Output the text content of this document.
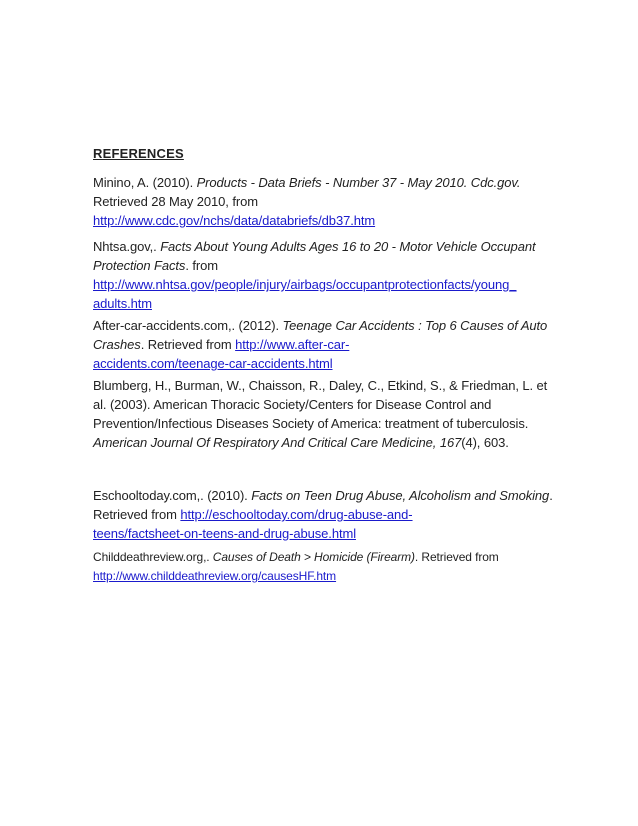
REFERENCES
Minino, A. (2010). Products - Data Briefs - Number 37 - May 2010. Cdc.gov. Retrieved 28 May 2010, from
http://www.cdc.gov/nchs/data/databriefs/db37.htm
Nhtsa.gov,. Facts About Young Adults Ages 16 to 20 - Motor Vehicle Occupant Protection Facts. from
http://www.nhtsa.gov/people/injury/airbags/occupantprotectionfacts/young_
adults.htm
After-car-accidents.com,. (2012). Teenage Car Accidents : Top 6 Causes of Auto Crashes. Retrieved from http://www.after-car-
accidents.com/teenage-car-accidents.html
Blumberg, H., Burman, W., Chaisson, R., Daley, C., Etkind, S., & Friedman, L. et al. (2003). American Thoracic Society/Centers for Disease Control and Prevention/Infectious Diseases Society of America: treatment of tuberculosis. American Journal Of Respiratory And Critical Care Medicine, 167(4), 603.
Eschooltoday.com,. (2010). Facts on Teen Drug Abuse, Alcoholism and Smoking. Retrieved from http://eschooltoday.com/drug-abuse-and-
teens/factsheet-on-teens-and-drug-abuse.html
Childdeathreview.org,. Causes of Death > Homicide (Firearm). Retrieved from
http://www.childdeathreview.org/causesHF.htm
